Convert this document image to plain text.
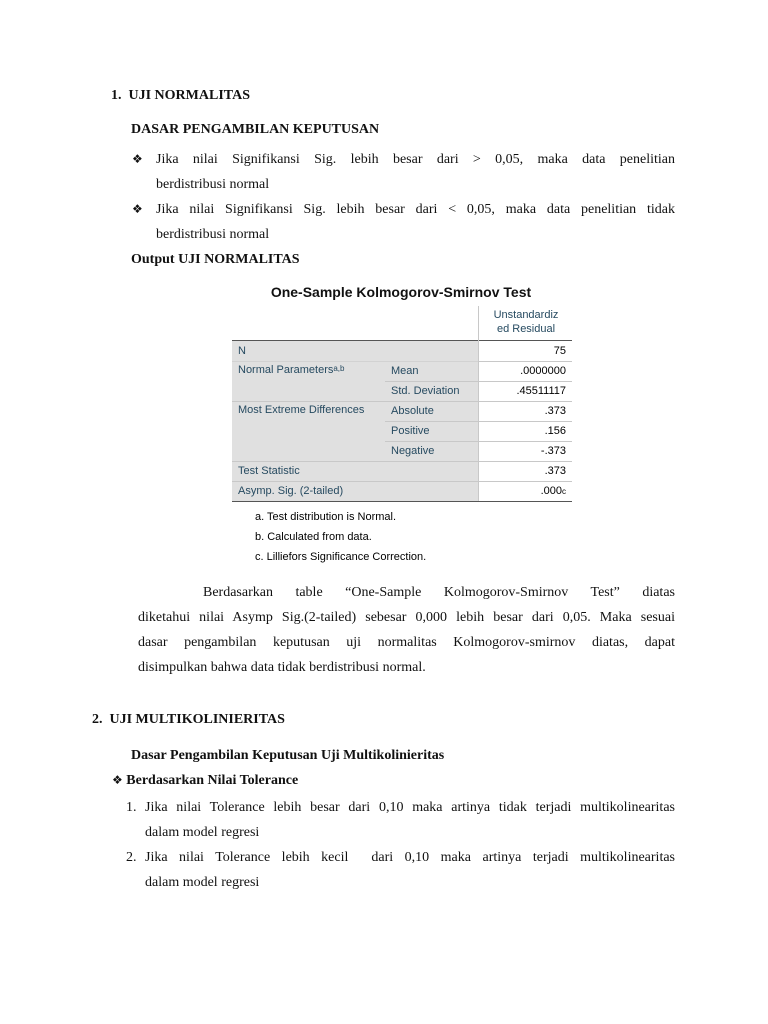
1. UJI NORMALITAS
DASAR PENGAMBILAN KEPUTUSAN
❖ Jika nilai Signifikansi Sig. lebih besar dari > 0,05, maka data penelitian
berdistribusi normal
❖ Jika nilai Signifikansi Sig. lebih besar dari < 0,05, maka data penelitian tidak
berdistribusi normal
Output UJI NORMALITAS
One-Sample Kolmogorov-Smirnov Test
Unstandardiz
ed Residual
N
Normal Parameters a,b	Mean
Std. Deviation
Most Extreme Differences Absolute
Positive
Negative
Test Statistic
Asymp. Sig. (2-tailed)
75
.0000000
.45511117
.373
.156
-.373
.373
.000 c
a. Test distribution is Normal.
b. Calculated from data.
c. Lilliefors Significance Correction.
Berdasarkan table “One-Sample Kolmogorov-Smirnov Test” diatas
diketahui nilai Asymp Sig.(2-tailed) sebesar 0,000 lebih besar dari 0,05. Maka sesuai
dasar pengambilan keputusan uji normalitas Kolmogorov-smirnov diatas, dapat
disimpulkan bahwa data tidak berdistribusi normal.
2. UJI MULTIKOLINIERITAS
Dasar Pengambilan Keputusan Uji Multikolinieritas
❖ Berdasarkan Nilai Tolerance
1. Jika nilai Tolerance lebih besar dari 0,10 maka artinya tidak terjadi multikolinearitas
dalam model regresi
2. Jika nilai Tolerance lebih kecil  dari 0,10 maka artinya terjadi multikolinearitas
dalam model regresi
